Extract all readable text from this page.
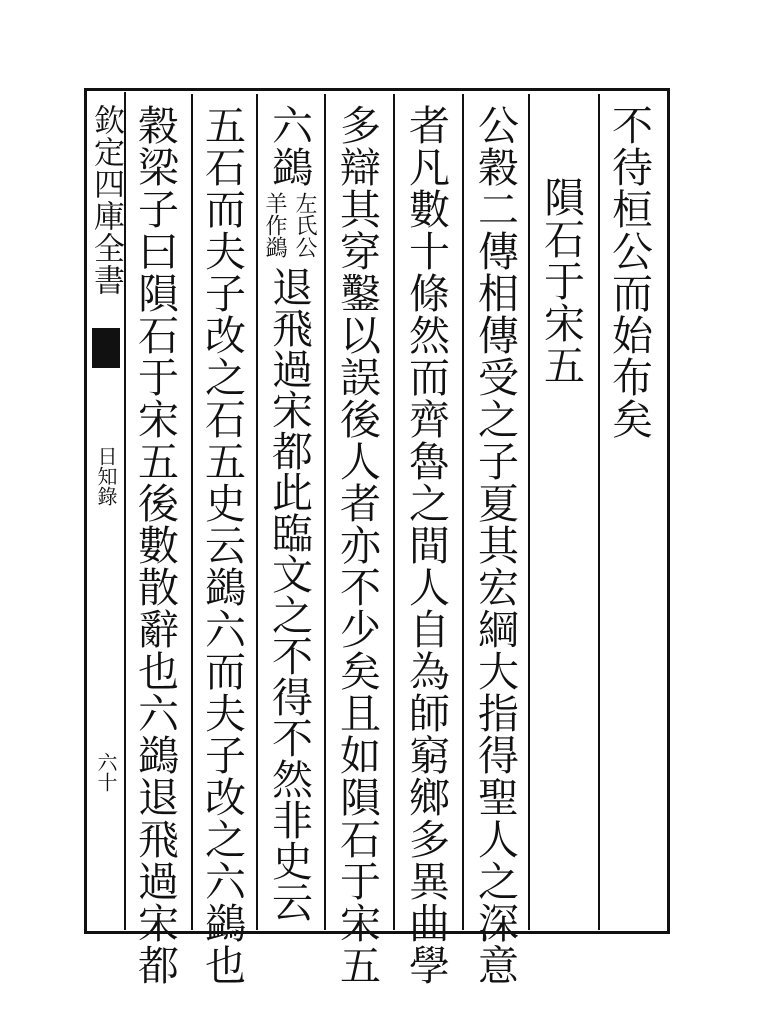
欽定四庫全書
日知錄
六十
不待桓公而始布矣
隕石于宋五
公穀二傳相傳受之子夏其宏綱大指得聖人之深意
者凡數十條然而齊魯之間人自為師窮鄉多異曲學
多辯其穿鑿以誤後人者亦不少矣且如隕石于宋五
六鷁
左氏公
羊作鷁
退飛過宋都此臨文之不得不然非史云
五石而夫子改之石五史云鷁六而夫子改之六鷁也
穀梁子曰隕石于宋五後數散辭也六鷁退飛過宋都
